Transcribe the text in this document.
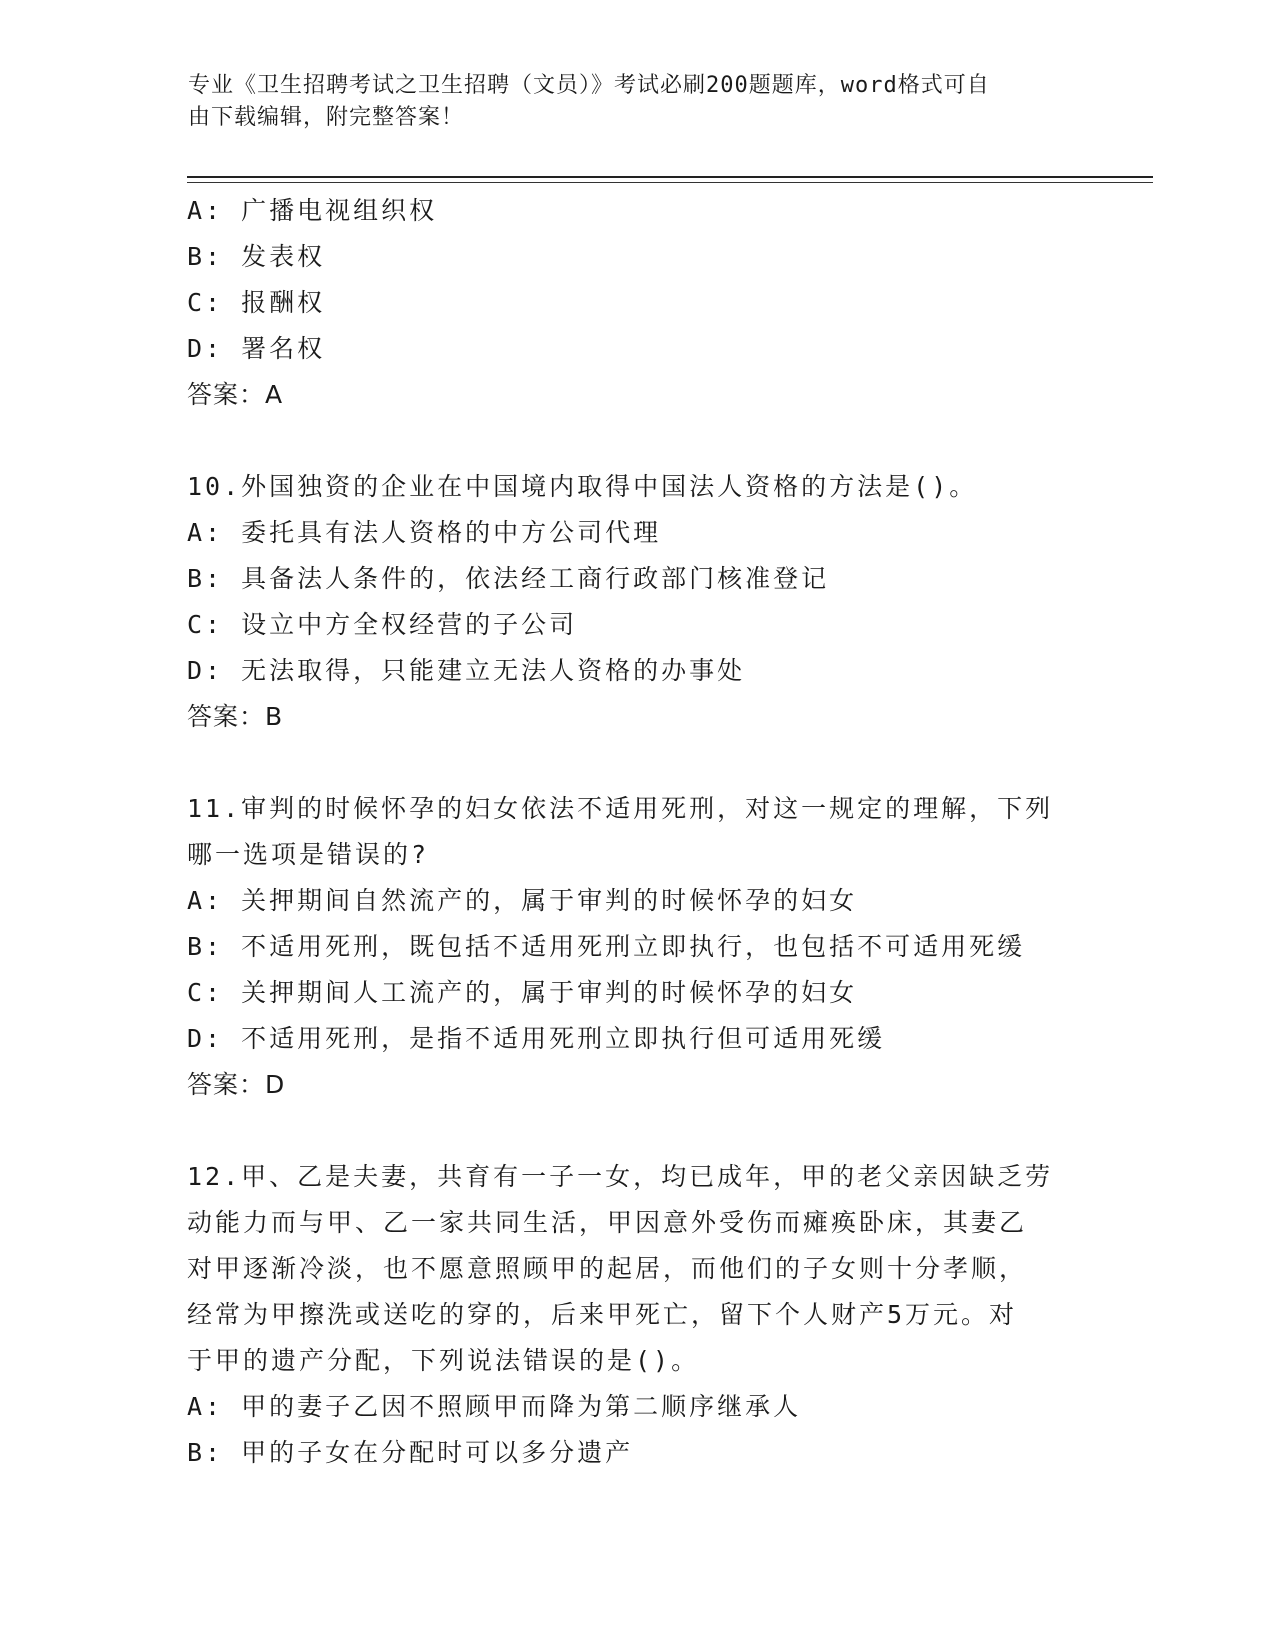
专业《卫生招聘考试之卫生招聘（文员）》考试必刷200题题库，word格式可自
由下载编辑，附完整答案！
A: 广播电视组织权
B: 发表权
C: 报酬权
D: 署名权
答案：A
10.外国独资的企业在中国境内取得中国法人资格的方法是()。
A: 委托具有法人资格的中方公司代理
B: 具备法人条件的，依法经工商行政部门核准登记
C: 设立中方全权经营的子公司
D: 无法取得，只能建立无法人资格的办事处
答案：B
11.审判的时候怀孕的妇女依法不适用死刑，对这一规定的理解，下列
哪一选项是错误的?
A: 关押期间自然流产的，属于审判的时候怀孕的妇女
B: 不适用死刑，既包括不适用死刑立即执行，也包括不可适用死缓
C: 关押期间人工流产的，属于审判的时候怀孕的妇女
D: 不适用死刑，是指不适用死刑立即执行但可适用死缓
答案：D
12.甲、乙是夫妻，共育有一子一女，均已成年，甲的老父亲因缺乏劳
动能力而与甲、乙一家共同生活，甲因意外受伤而瘫痪卧床，其妻乙
对甲逐渐冷淡，也不愿意照顾甲的起居，而他们的子女则十分孝顺，
经常为甲擦洗或送吃的穿的，后来甲死亡，留下个人财产5万元。对
于甲的遗产分配，下列说法错误的是()。
A: 甲的妻子乙因不照顾甲而降为第二顺序继承人
B: 甲的子女在分配时可以多分遗产
